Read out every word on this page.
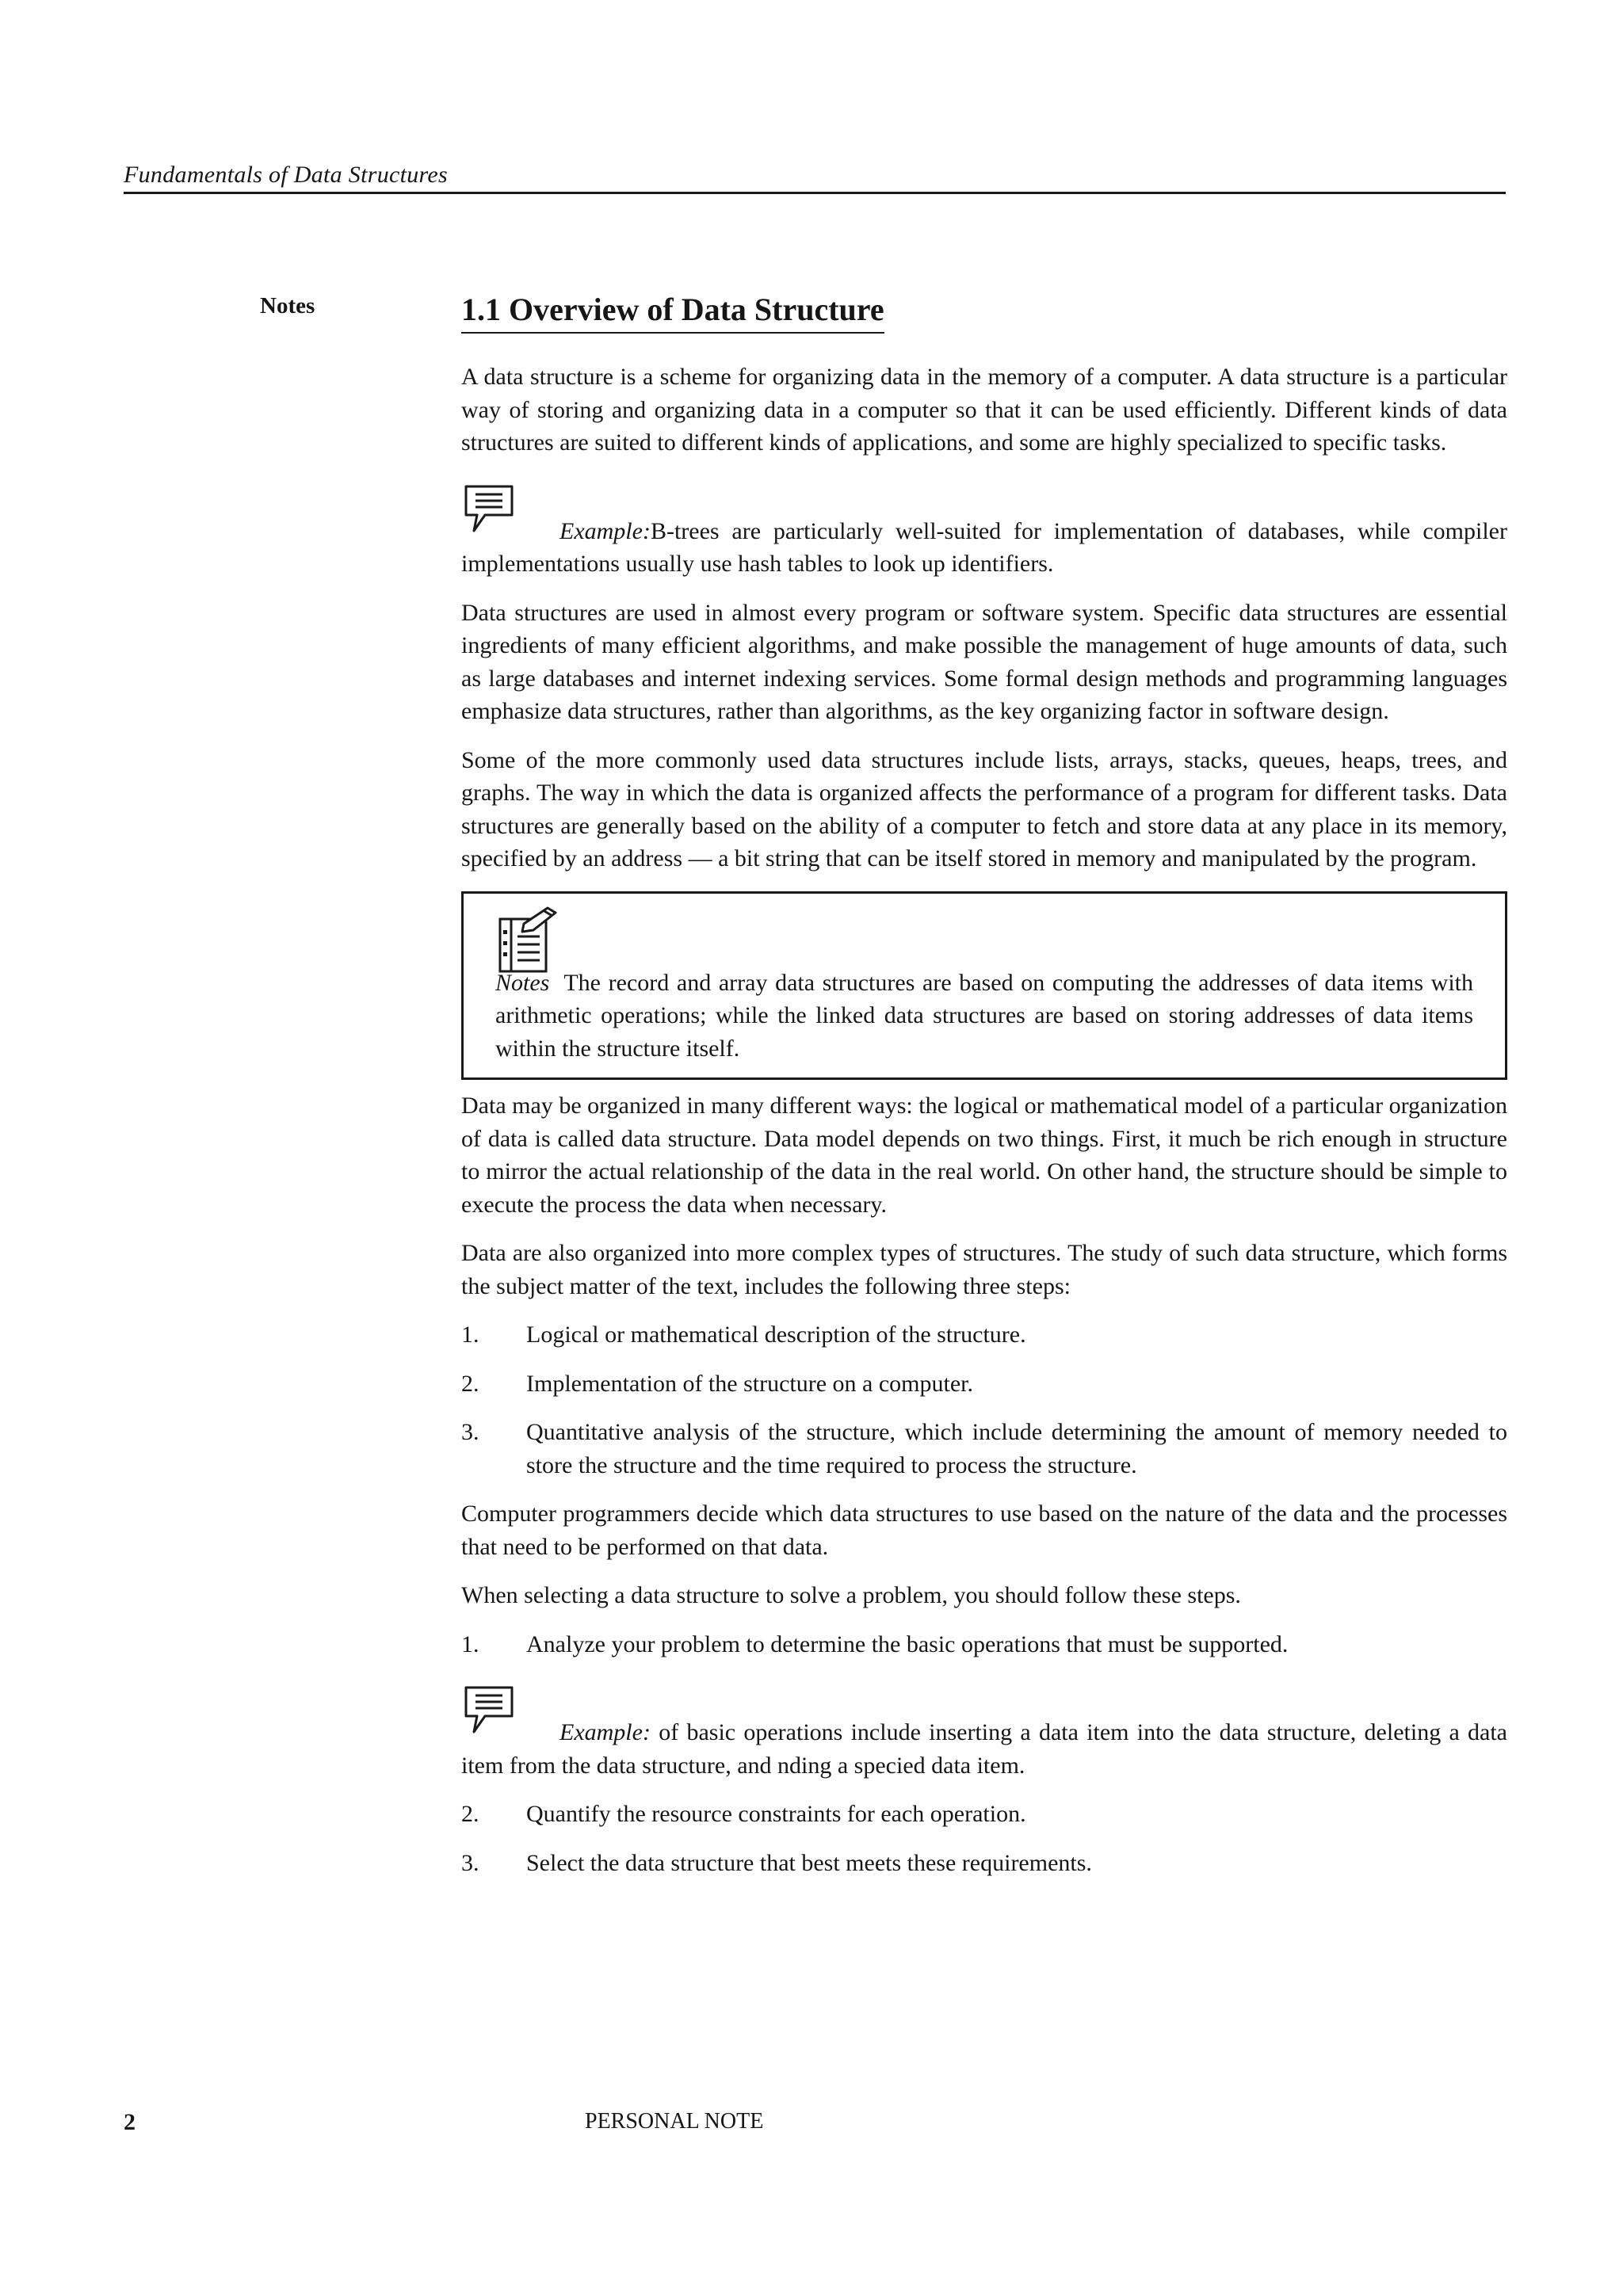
Fundamentals of Data Structures
Notes	1.1 Overview of Data Structure

A data structure is a scheme for organizing data in the memory of a computer. A data structure is a particular way of storing and organizing data in a computer so that it can be used efficiently. Different kinds of data structures are suited to different kinds of applications, and some are highly specialized to specific tasks.

Example:B-trees are particularly well-suited for implementation of databases, while compiler implementations usually use hash tables to look up identifiers.

Data structures are used in almost every program or software system. Specific data structures are essential ingredients of many efficient algorithms, and make possible the management of huge amounts of data, such as large databases and internet indexing services. Some formal design methods and programming languages emphasize data structures, rather than algorithms, as the key organizing factor in software design.

Some of the more commonly used data structures include lists, arrays, stacks, queues, heaps, trees, and graphs. The way in which the data is organized affects the performance of a program for different tasks. Data structures are generally based on the ability of a computer to fetch and store data at any place in its memory, specified by an address — a bit string that can be itself stored in memory and manipulated by the program.

Notes The record and array data structures are based on computing the addresses of data items with arithmetic operations; while the linked data structures are based on storing addresses of data items within the structure itself.

Data may be organized in many different ways: the logical or mathematical model of a particular organization of data is called data structure. Data model depends on two things. First, it much be rich enough in structure to mirror the actual relationship of the data in the real world. On other hand, the structure should be simple to execute the process the data when necessary.

Data are also organized into more complex types of structures. The study of such data structure, which forms the subject matter of the text, includes the following three steps:

1.	Logical or mathematical description of the structure.
2.	Implementation of the structure on a computer.
3.	Quantitative analysis of the structure, which include determining the amount of memory needed to store the structure and the time required to process the structure.

Computer programmers decide which data structures to use based on the nature of the data and the processes that need to be performed on that data.

When selecting a data structure to solve a problem, you should follow these steps.

1.	Analyze your problem to determine the basic operations that must be supported.

Example: of basic operations include inserting a data item into the data structure, deleting a data item from the data structure, and nding a specied data item.

2.	Quantify the resource constraints for each operation.
3.	Select the data structure that best meets these requirements.
2	PERSONAL NOTE
